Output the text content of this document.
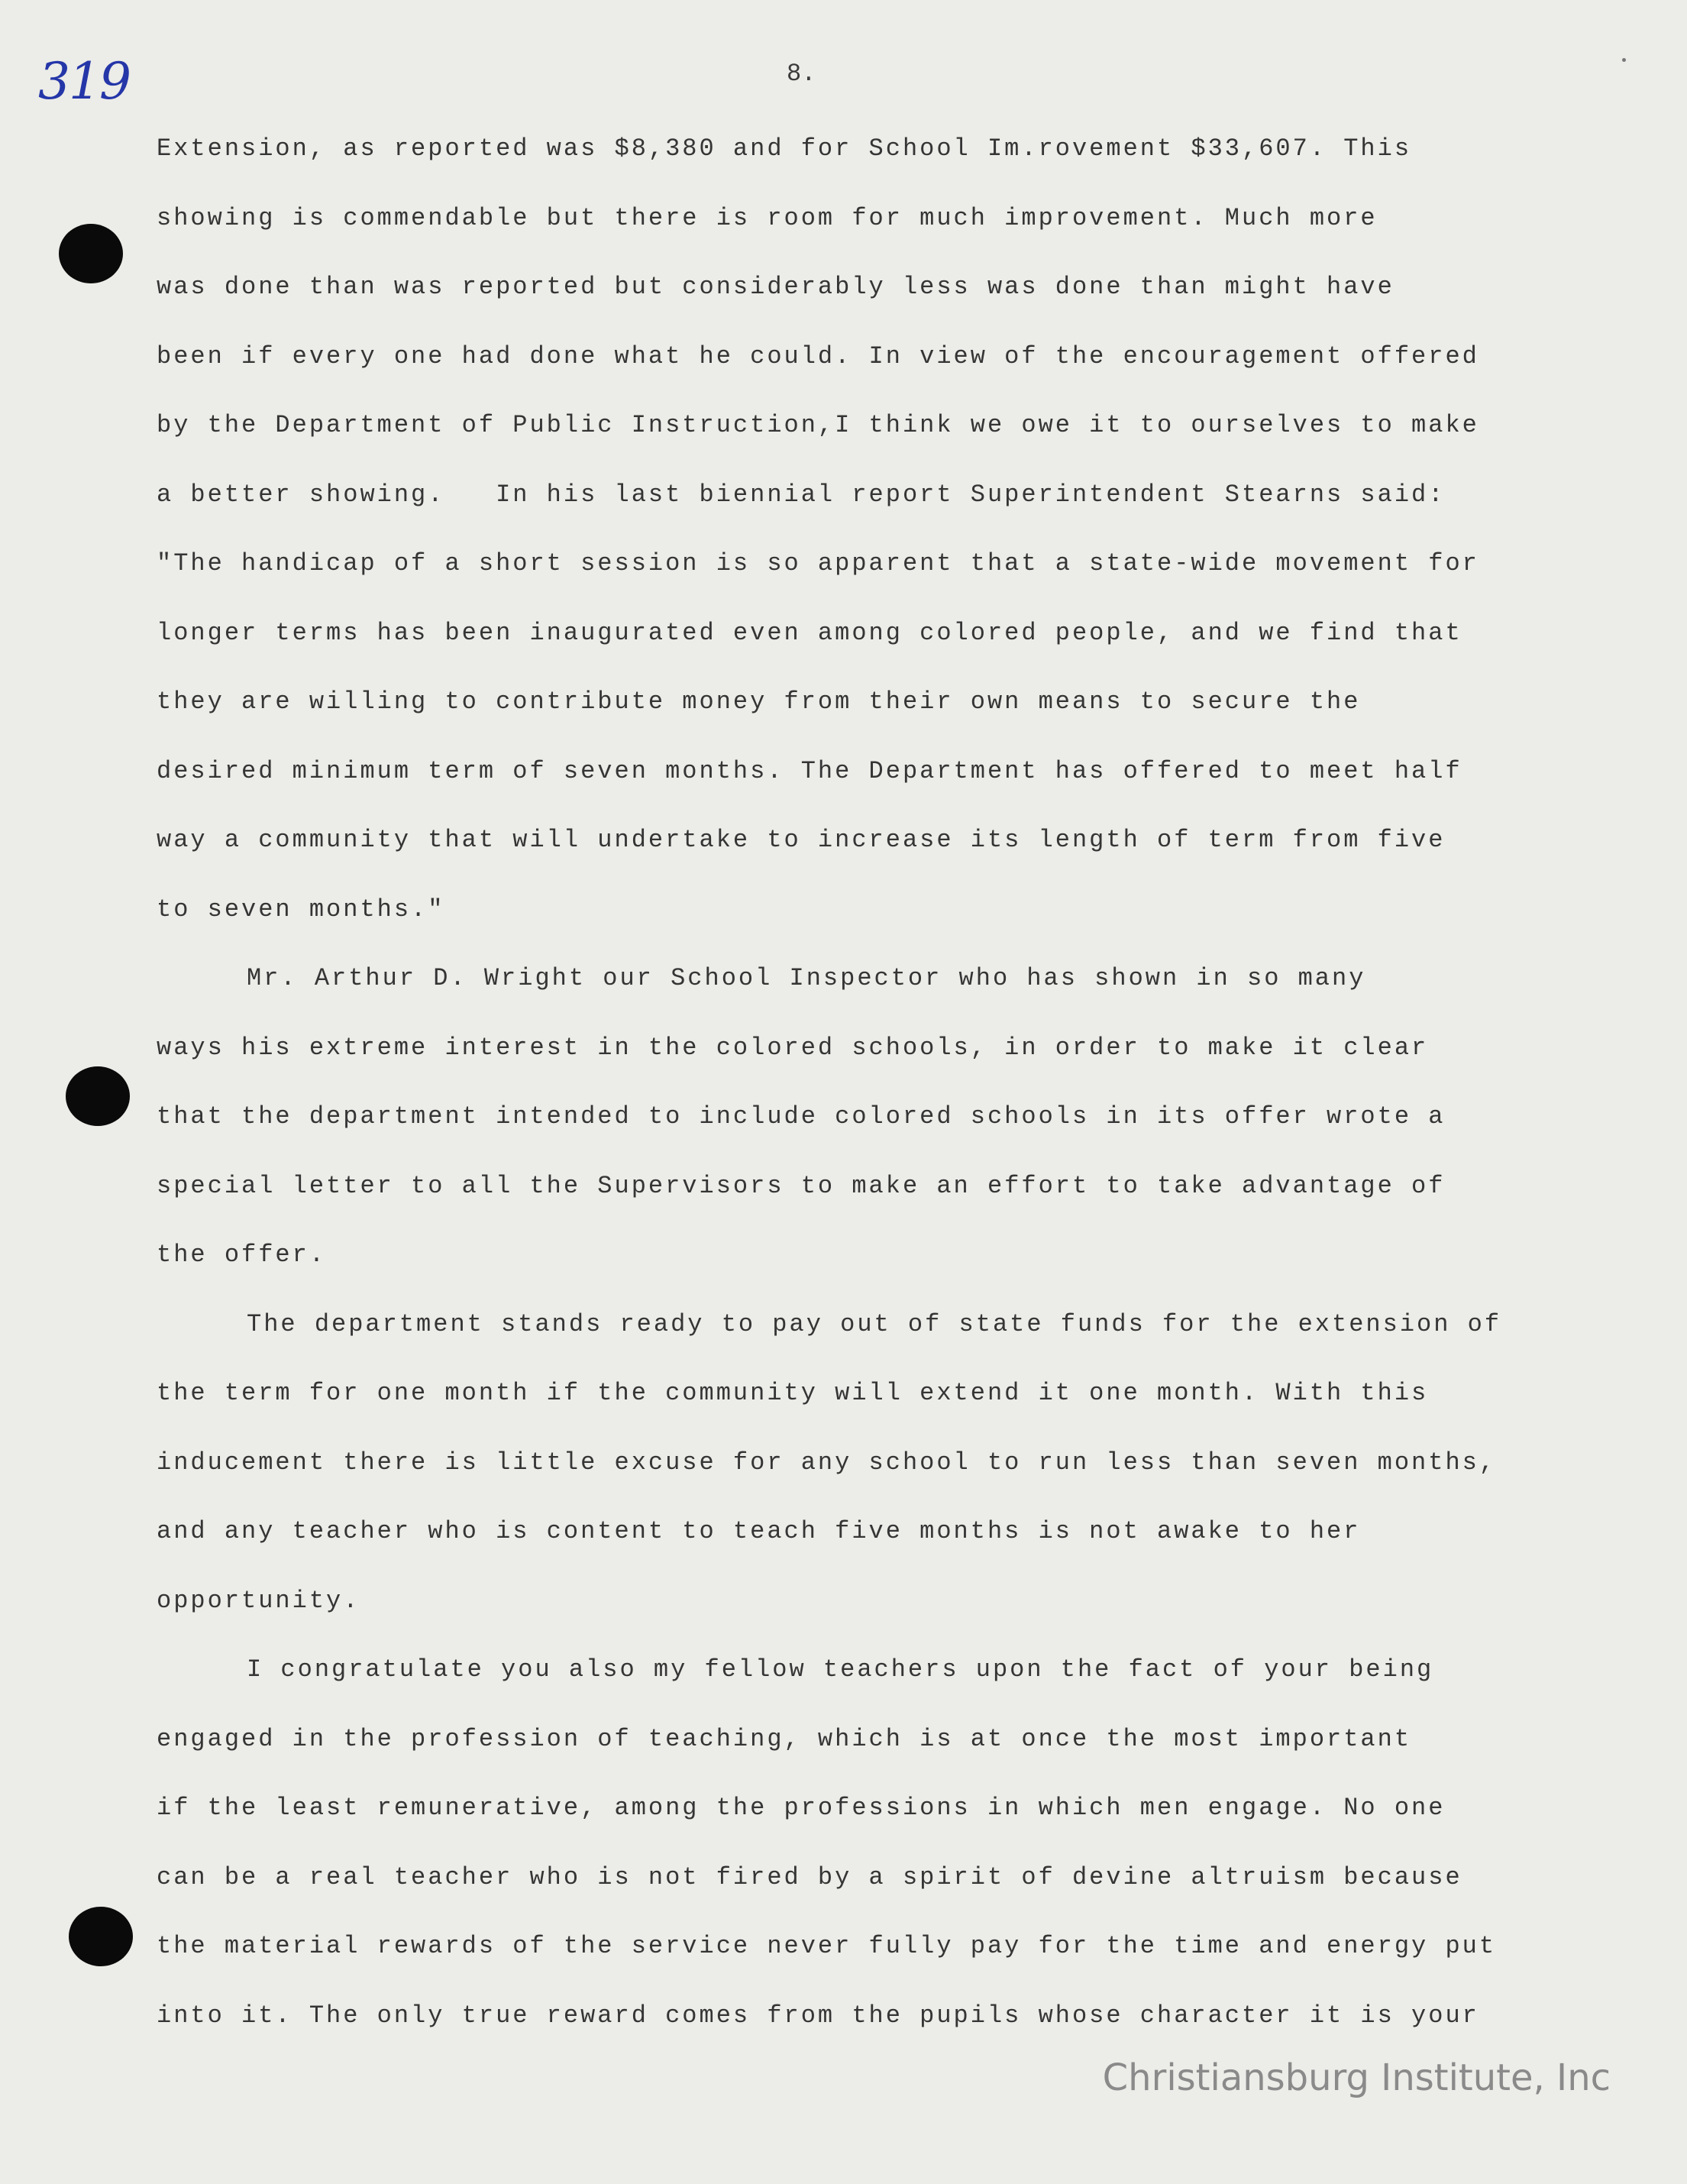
319	8.
Extension, as reported was $8,380 and for School Im.rovement $33,607. This
showing is commendable but there is room for much improvement. Much more
was done than was reported but considerably less was done than might have
been if every one had done what he could. In view of the encouragement offered
by the Department of Public Instruction,I think we owe it to ourselves to make
a better showing.   In his last biennial report Superintendent Stearns said:
"The handicap of a short session is so apparent that a state-wide movement for
longer terms has been inaugurated even among colored people, and we find that
they are willing to contribute money from their own means to secure the
desired minimum term of seven months. The Department has offered to meet half
way a community that will undertake to increase its length of term from five
to seven months."
Mr. Arthur D. Wright our School Inspector who has shown in so many
ways his extreme interest in the colored schools, in order to make it clear
that the department intended to include colored schools in its offer wrote a
special letter to all the Supervisors to make an effort to take advantage of
the offer.
The department stands ready to pay out of state funds for the extension of
the term for one month if the community will extend it one month. With this
inducement there is little excuse for any school to run less than seven months,
and any teacher who is content to teach five months is not awake to her
opportunity.
I congratulate you also my fellow teachers upon the fact of your being
engaged in the profession of teaching, which is at once the most important
if the least remunerative, among the professions in which men engage. No one
can be a real teacher who is not fired by a spirit of devine altruism because
the material rewards of the service never fully pay for the time and energy put
into it. The only true reward comes from the pupils whose character it is your
Christiansburg Institute, Inc
